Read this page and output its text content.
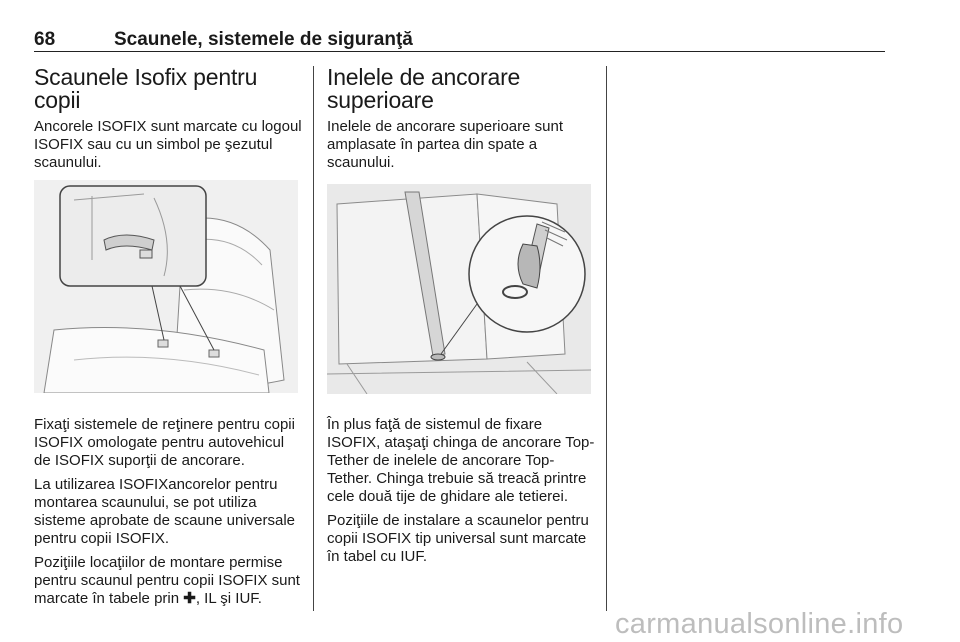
68	Scaunele, sistemele de siguranţă
Scaunele Isofix pentru copii

Ancorele ISOFIX sunt marcate cu logoul ISOFIX sau cu un simbol pe şezutul scaunului.

Fixaţi sistemele de reţinere pentru copii ISOFIX omologate pentru autovehicul de ISOFIX suporţii de ancorare.

La utilizarea ISOFIXancorelor pentru montarea scaunului, se pot utiliza sisteme aprobate de scaune universale pentru copii ISOFIX.

Poziţiile locaţiilor de montare permise pentru scaunul pentru copii ISOFIX sunt marcate în tabele prin ✚, IL şi IUF.

Inelele de ancorare superioare

Inelele de ancorare superioare sunt amplasate în partea din spate a scaunului.

În plus faţă de sistemul de fixare ISOFIX, ataşaţi chinga de ancorare Top-Tether de inelele de ancorare Top-Tether. Chinga trebuie să treacă printre cele două tije de ghidare ale tetierei.

Poziţiile de instalare a scaunelor pentru copii ISOFIX tip universal sunt marcate în tabel cu IUF.

carmanualsonline.info
